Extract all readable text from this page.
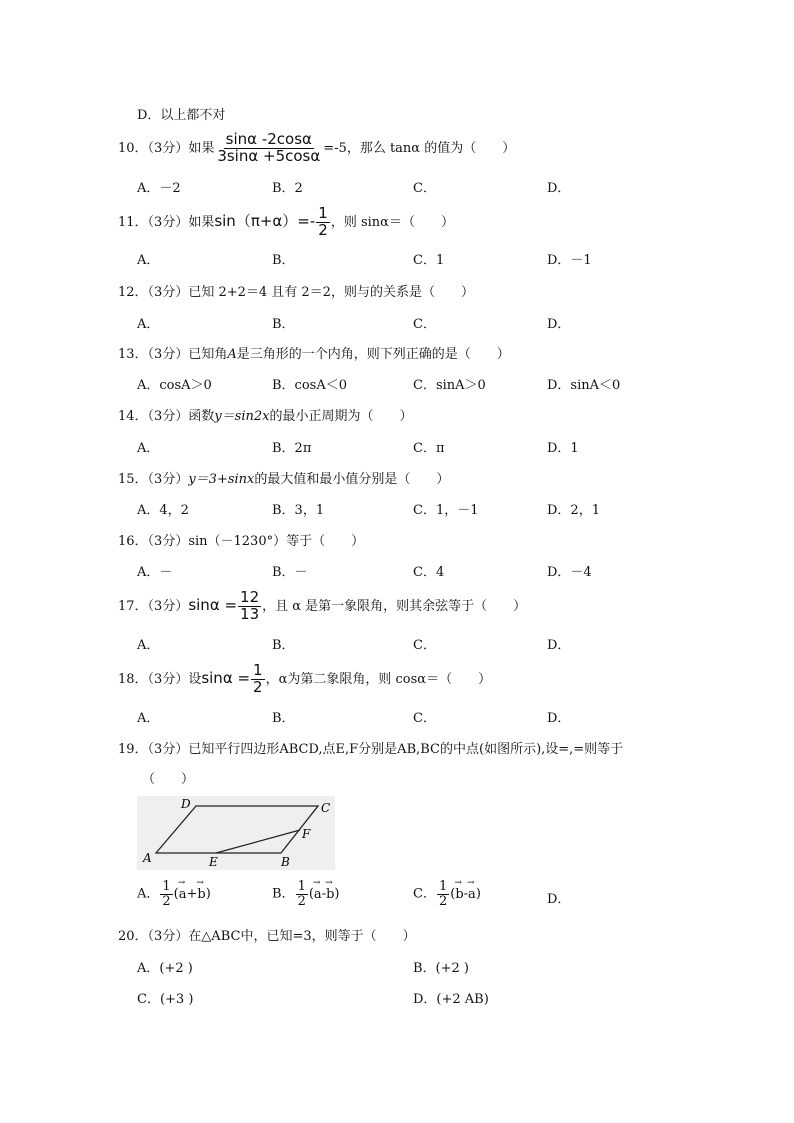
D．以上都不对
10．（3分）如果 $\frac{\sin\alpha -2\cos\alpha}{3\sin\alpha +5\cos\alpha} =-5$，那么 tanα 的值为（　　）
A．－2	B．2	C．	D．
11．（3分）如果$\sin(\pi+\alpha)=- \frac{1}{2}$ ，则 sinα＝（　　）
A．	B．	C．1	D．－1
12．（3分）已知 2+2＝4 且有 2＝2，则与的关系是（　　）
A．	B．	C．	D．
13．（3分）已知角A是三角形的一个内角，则下列正确的是（　　）
A．cosA＞0	B．cosA＜0	C．sinA＞0	D．sinA＜0
14．（3分）函数y＝sin2x的最小正周期为（　　）
A．	B．2π	C．π	D．1
15．（3分）y＝3+sinx的最大值和最小值分别是（　　）
A．4，2	B．3，1	C．1，－1	D．2，1
16．（3分）sin（－1230°）等于（　　）
A．－	B．－	C．4	D．－4
17．（3分）$\sin\alpha = \frac{12}{13}$ ，且 α 是第一象限角，则其余弦等于（　　）
A．	B．	C．	D．
18．（3分）设$\sin\alpha = \frac{1}{2}$ ，α为第二象限角，则 cosα＝（　　）
A．	B．	C．	D．
19．（3分）已知平行四边形ABCD,点E,F分别是AB,BC的中点(如图所示),设=,=则等于
（　　）
D	C
F
A	E	B
A． $\frac{1}{2}$ (→ a+→ b)	B． $\frac{1}{2}$ (→ a-→ b)	C． $\frac{1}{2}$ (→ b-→ a)	D．
20．（3分）在△ABC中，已知=3，则等于（　　）
A．(+2 )	B．(+2 )
C．(+3 )	D．(+2 AB)
